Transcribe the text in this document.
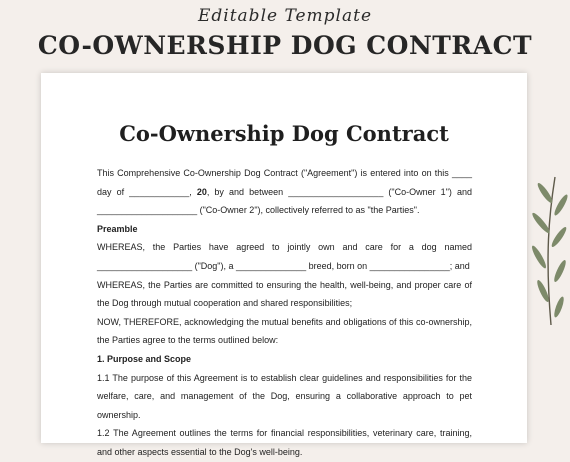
Editable Template
CO-OWNERSHIP DOG CONTRACT
Co-Ownership Dog Contract

This Comprehensive Co-Ownership Dog Contract ("Agreement") is entered into on this ____ day of ____________, 20, by and between ___________________ ("Co-Owner 1") and ____________________ ("Co-Owner 2"), collectively referred to as "the Parties".

Preamble

WHEREAS, the Parties have agreed to jointly own and care for a dog named ___________________ ("Dog"), a ______________ breed, born on ________________; and

WHEREAS, the Parties are committed to ensuring the health, well-being, and proper care of the Dog through mutual cooperation and shared responsibilities;

NOW, THEREFORE, acknowledging the mutual benefits and obligations of this co-ownership, the Parties agree to the terms outlined below:

1. Purpose and Scope

1.1 The purpose of this Agreement is to establish clear guidelines and responsibilities for the welfare, care, and management of the Dog, ensuring a collaborative approach to pet ownership.

1.2 The Agreement outlines the terms for financial responsibilities, veterinary care, training, and other aspects essential to the Dog's well-being.
